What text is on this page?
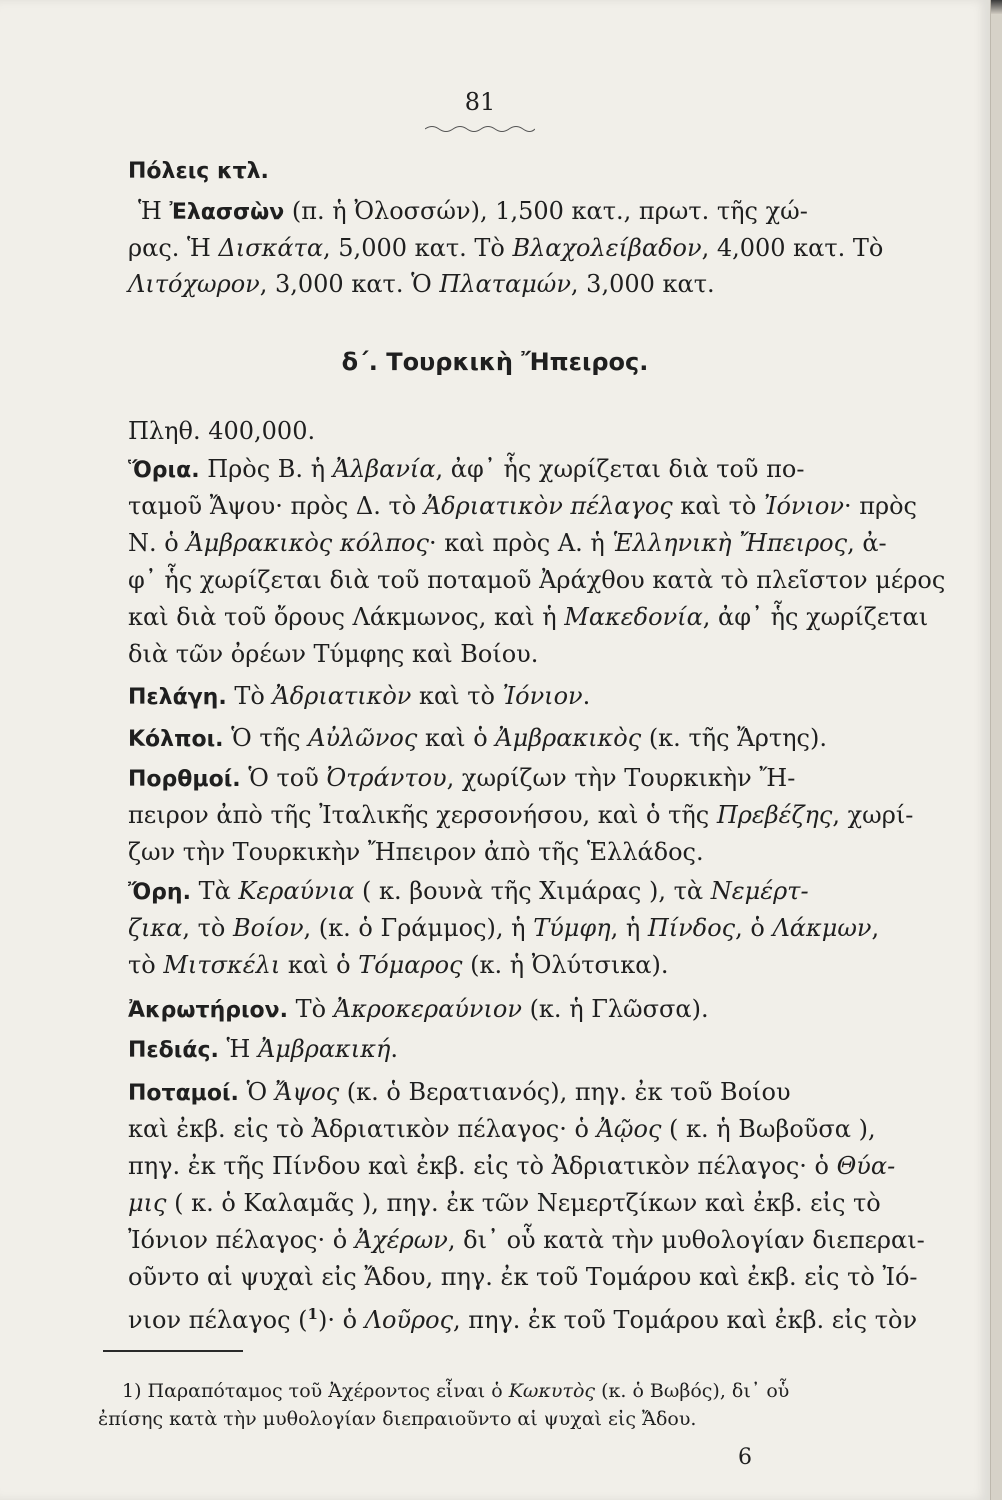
81
Πόλεις κτλ.
Ἡ Ἐλασσὼν (π. ἡ Ὀλοσσών), 1,500 κατ., πρωτ. τῆς χώ-
ρας. Ἡ Δισκάτα, 5,000 κατ. Τὸ Βλαχολείβαδον, 4,000 κατ. Τὸ
Λιτόχωρον, 3,000 κατ. Ὁ Πλαταμών, 3,000 κατ.
δ΄. Τουρκικὴ Ἤπειρος.
Πληθ. 400,000.
Ὅρια. Πρὸς Β. ἡ Ἀλβανία, ἀφ᾽ ἧς χωρίζεται διὰ τοῦ πο-
ταμοῦ Ἄψου· πρὸς Δ. τὸ Ἀδριατικὸν πέλαγος καὶ τὸ Ἰόνιον· πρὸς
Ν. ὁ Ἀμβρακικὸς κόλπος· καὶ πρὸς Α. ἡ Ἑλληνικὴ Ἤπειρος, ἀ-
φ᾽ ἧς χωρίζεται διὰ τοῦ ποταμοῦ Ἀράχθου κατὰ τὸ πλεῖστον μέρος
καὶ διὰ τοῦ ὄρους Λάκμωνος, καὶ ἡ Μακεδονία, ἀφ᾽ ἧς χωρίζεται
διὰ τῶν ὀρέων Τύμφης καὶ Βοίου.
Πελάγη. Τὸ Ἀδριατικὸν καὶ τὸ Ἰόνιον.
Κόλποι. Ὁ τῆς Αὐλῶνος καὶ ὁ Ἀμβρακικὸς (κ. τῆς Ἄρτης).
Πορθμοί. Ὁ τοῦ Ὀτράντου, χωρίζων τὴν Τουρκικὴν Ἤ-
πειρον ἀπὸ τῆς Ἰταλικῆς χερσονήσου, καὶ ὁ τῆς Πρεβέζης, χωρί-
ζων τὴν Τουρκικὴν Ἤπειρον ἀπὸ τῆς Ἑλλάδος.
Ὄρη. Τὰ Κεραύνια ( κ. βουνὰ τῆς Χιμάρας ), τὰ Νεμέρτ-
ζικα, τὸ Βοίον, (κ. ὁ Γράμμος), ἡ Τύμφη, ἡ Πίνδος, ὁ Λάκμων,
τὸ Μιτσκέλι καὶ ὁ Τόμαρος (κ. ἡ Ὀλύτσικα).
Ἀκρωτήριον. Τὸ Ἀκροκεραύνιον (κ. ἡ Γλῶσσα).
Πεδιάς. Ἡ Ἀμβρακική.
Ποταμοί. Ὁ Ἄψος (κ. ὁ Βερατιανός), πηγ. ἐκ τοῦ Βοίου
καὶ ἐκβ. εἰς τὸ Ἀδριατικὸν πέλαγος· ὁ Ἀῷος ( κ. ἡ Βωβοῦσα ),
πηγ. ἐκ τῆς Πίνδου καὶ ἐκβ. εἰς τὸ Ἀδριατικὸν πέλαγος· ὁ Θύα-
μις ( κ. ὁ Καλαμᾶς ), πηγ. ἐκ τῶν Νεμερτζίκων καὶ ἐκβ. εἰς τὸ
Ἰόνιον πέλαγος· ὁ Ἀχέρων, δι᾽ οὗ κατὰ τὴν μυθολογίαν διεπεραι-
οῦντο αἱ ψυχαὶ εἰς Ἄδου, πηγ. ἐκ τοῦ Τομάρου καὶ ἐκβ. εἰς τὸ Ἰό-
νιον πέλαγος ($^1$)· ὁ Λοῦρος, πηγ. ἐκ τοῦ Τομάρου καὶ ἐκβ. εἰς τὸν
1) Παραπόταμος τοῦ Ἀχέροντος εἶναι ὁ Κωκυτὸς (κ. ὁ Βωβός), δι᾽ οὗ
ἐπίσης κατὰ τὴν μυθολογίαν διεπραιοῦντο αἱ ψυχαὶ εἰς Ἄδου.
6
